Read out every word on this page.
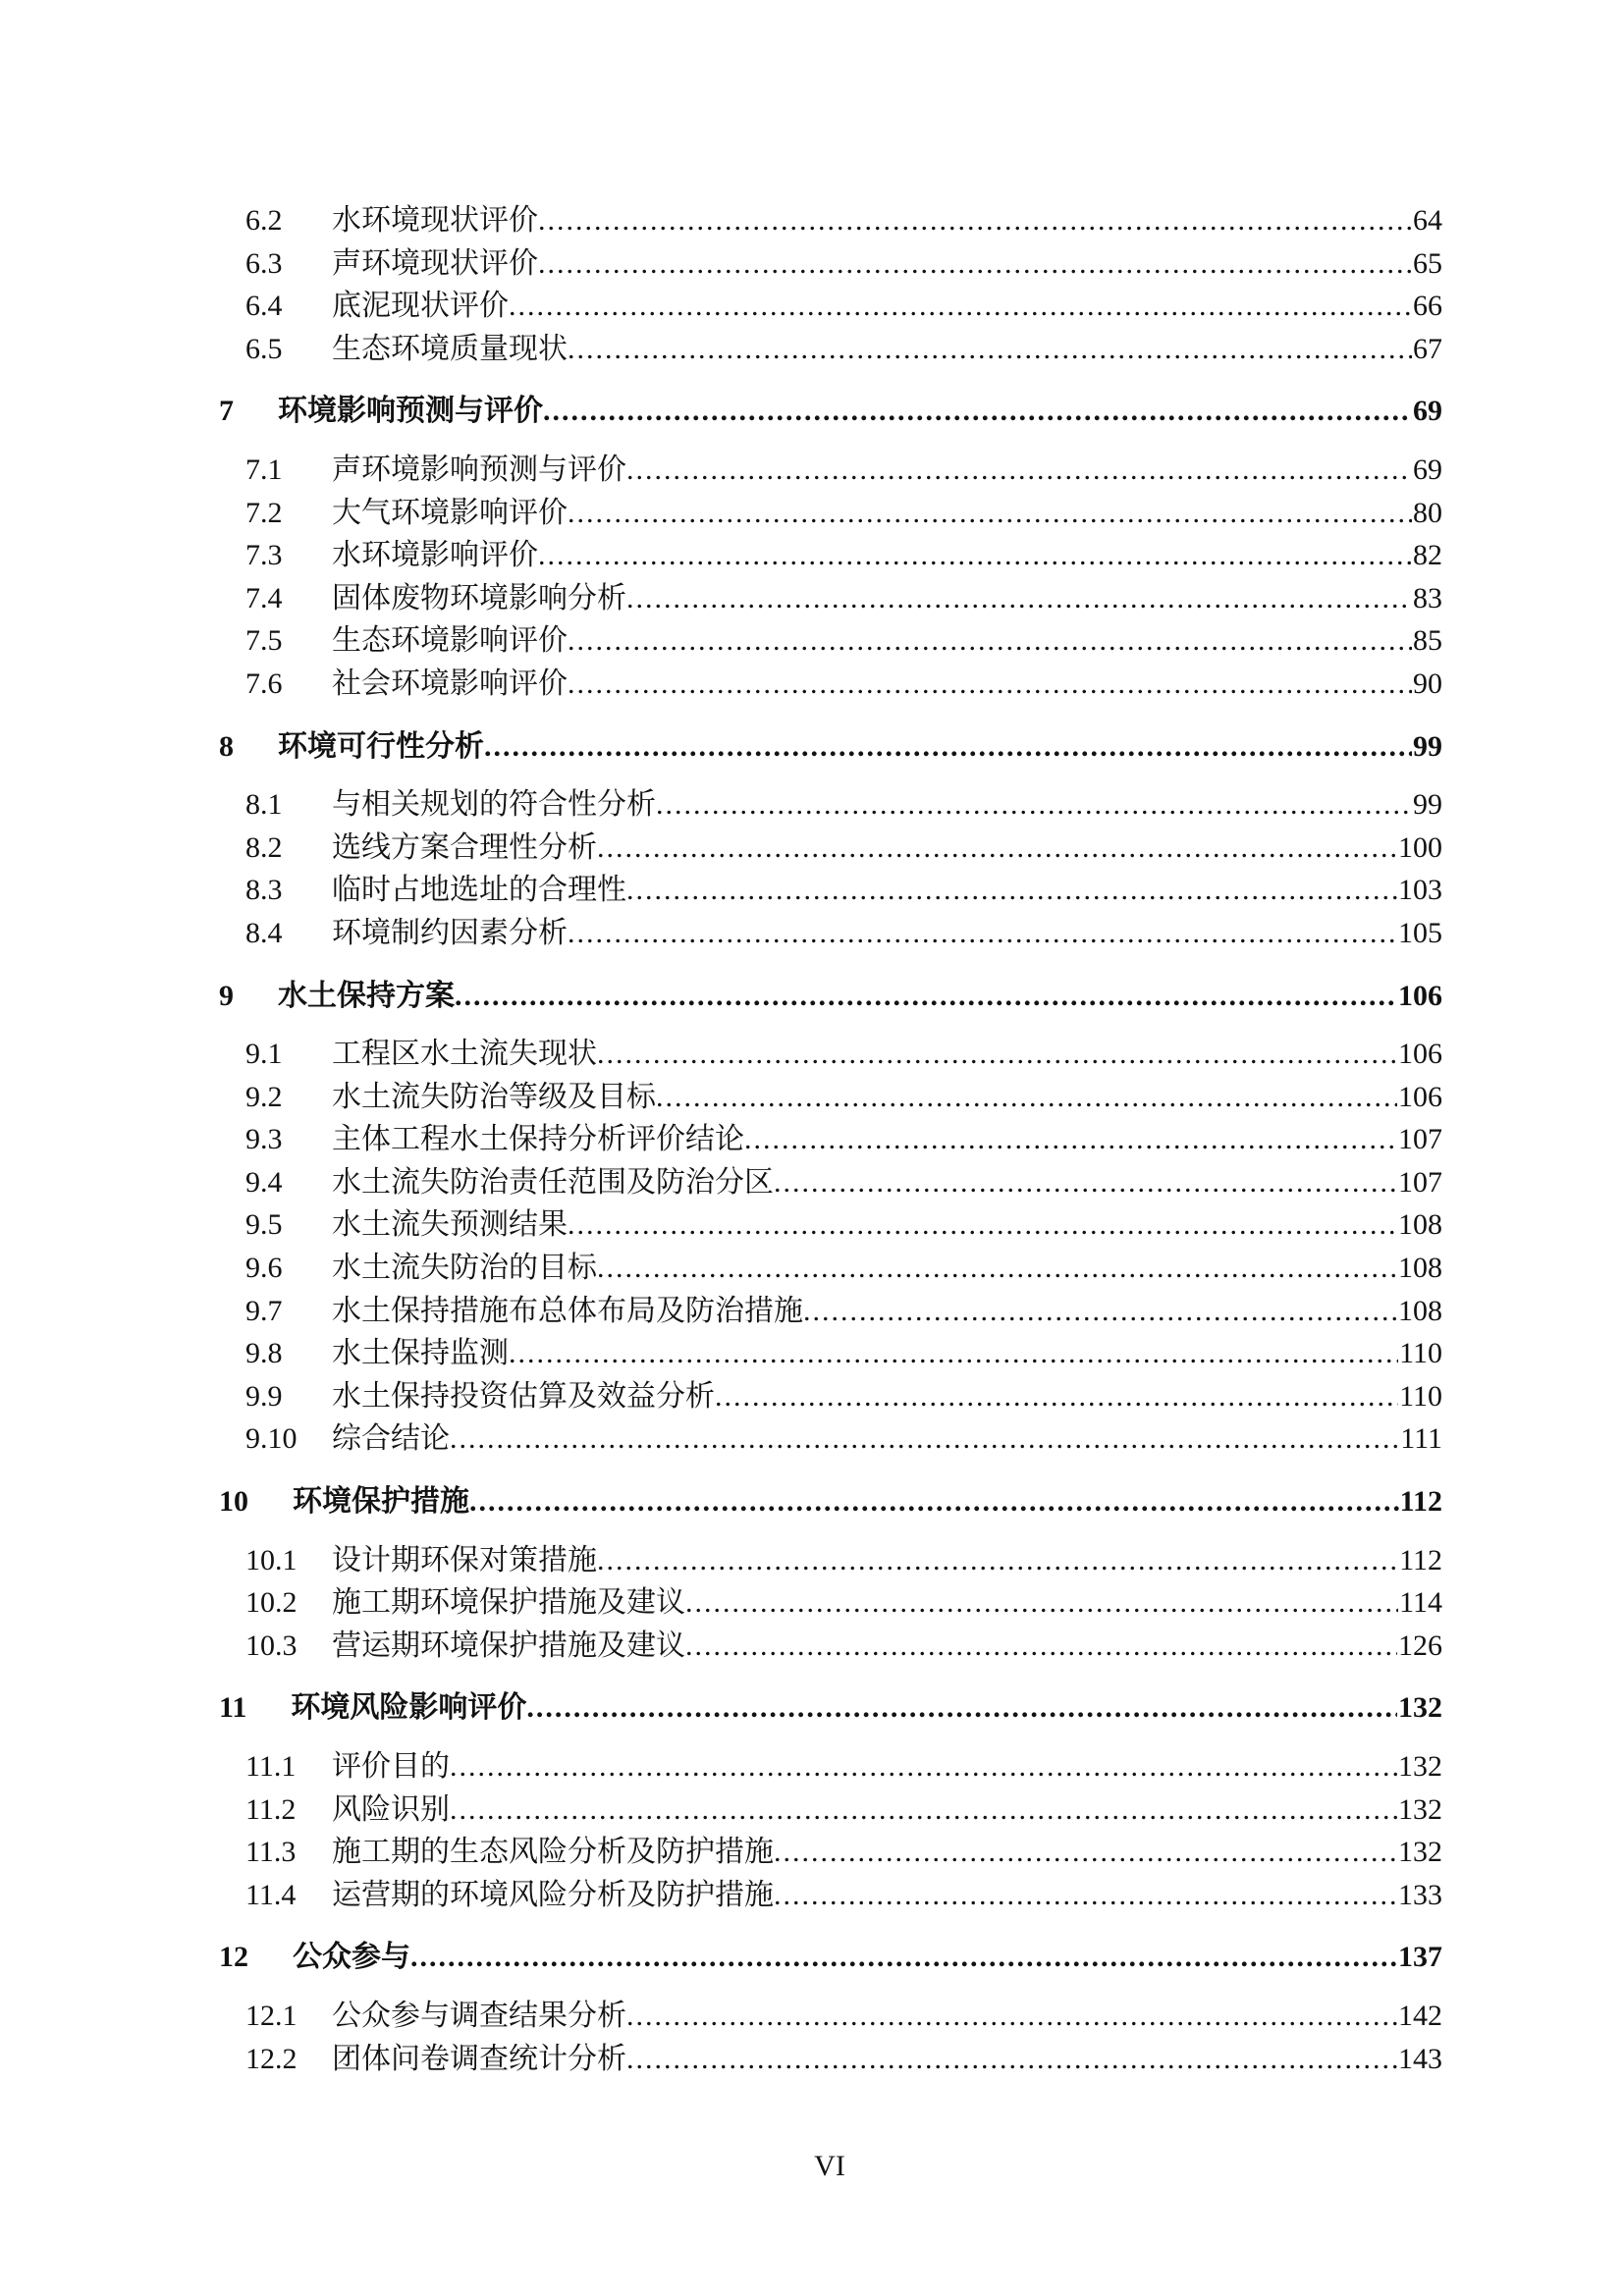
6.2	水环境现状评价 .....	64
6.3	声环境现状评价 .....	65
6.4	底泥现状评价 .....	66
6.5	生态环境质量现状 .....	67
7 环境影响预测与评价 .....	69
7.1	声环境影响预测与评价 .....	69
7.2	大气环境影响评价 .....	80
7.3	水环境影响评价 .....	82
7.4	固体废物环境影响分析 .....	83
7.5	生态环境影响评价 .....	85
7.6	社会环境影响评价 .....	90
8 环境可行性分析 .....	99
8.1	与相关规划的符合性分析 .....	99
8.2	选线方案合理性分析 .....	100
8.3	临时占地选址的合理性 .....	103
8.4	环境制约因素分析 .....	105
9 水土保持方案 .....	106
9.1	工程区水土流失现状 .....	106
9.2	水土流失防治等级及目标 .....	106
9.3	主体工程水土保持分析评价结论 .....	107
9.4	水土流失防治责任范围及防治分区 .....	107
9.5	水土流失预测结果 .....	108
9.6	水土流失防治的目标 .....	108
9.7	水土保持措施布总体布局及防治措施 .....	108
9.8	水土保持监测 .....	110
9.9	水土保持投资估算及效益分析 .....	110
9.10	综合结论 .....	111
10 环境保护措施 .....	112
10.1	设计期环保对策措施 .....	112
10.2	施工期环境保护措施及建议 .....	114
10.3	营运期环境保护措施及建议 .....	126
11 环境风险影响评价 .....	132
11.1	评价目的 .....	132
11.2	风险识别 .....	132
11.3	施工期的生态风险分析及防护措施 .....	132
11.4	运营期的环境风险分析及防护措施 .....	133
12 公众参与 .....	137
12.1	公众参与调查结果分析 .....	142
12.2	团体问卷调查统计分析 .....	143
VI
